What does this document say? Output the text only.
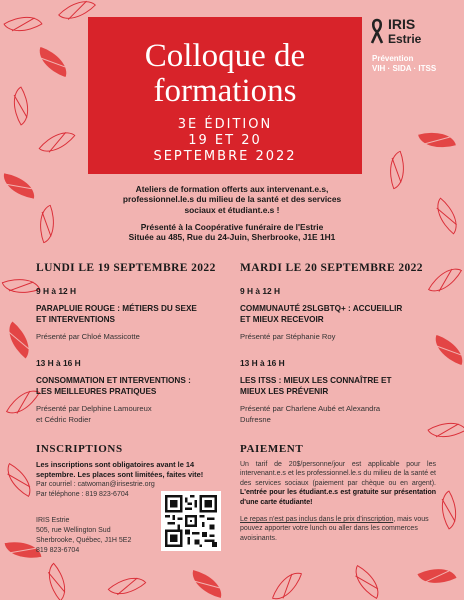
IRIS
Estrie
Prévention
VIH · SIDA · ITSS
Colloque de
formations
3E ÉDITION
19 ET 20
SEPTEMBRE 2022
Ateliers de formation offerts aux intervenant.e.s,
professionnel.le.s du milieu de la santé et des services
sociaux et étudiant.e.s !
Présenté à la Coopérative funéraire de l'Estrie
Située au 485, Rue du 24-Juin, Sherbrooke, J1E 1H1
LUNDI LE 19 SEPTEMBRE 2022
9 H à 12 H
PARAPLUIE ROUGE : MÉTIERS DU SEXE
ET INTERVENTIONS
Présenté par Chloé Massicotte
13 H à 16 H
CONSOMMATION ET INTERVENTIONS :
LES MEILLEURES PRATIQUES
Présenté par Delphine Lamoureux
et Cédric Rodier
MARDI LE 20 SEPTEMBRE 2022
9 H à 12 H
COMMUNAUTÉ 2SLGBTQ+ : ACCUEILLIR
ET MIEUX RECEVOIR
Présenté par Stéphanie Roy
13 H à 16 H
LES ITSS : MIEUX LES CONNAÎTRE ET
MIEUX LES PRÉVENIR
Présenté par Charlene Aubé et Alexandra
Dufresne
INSCRIPTIONS
Les inscriptions sont obligatoires avant le 14
septembre. Les places sont limitées, faites vite!
Par courriel : catwoman@irisestrie.org
Par téléphone : 819 823-6704
IRIS Estrie
505, rue Wellington Sud
Sherbrooke, Québec, J1H 5E2
819 823-6704
PAIEMENT
Un tarif de 20$/personne/jour est applicable pour les intervenant.e.s et les professionnel.le.s du milieu de la santé et des services sociaux (paiement par chèque ou en argent). L'entrée pour les étudiant.e.s est gratuite sur présentation d'une carte étudiante!
Le repas n'est pas inclus dans le prix d'inscription, mais vous pouvez apporter votre lunch ou aller dans les commerces avoisinants.
